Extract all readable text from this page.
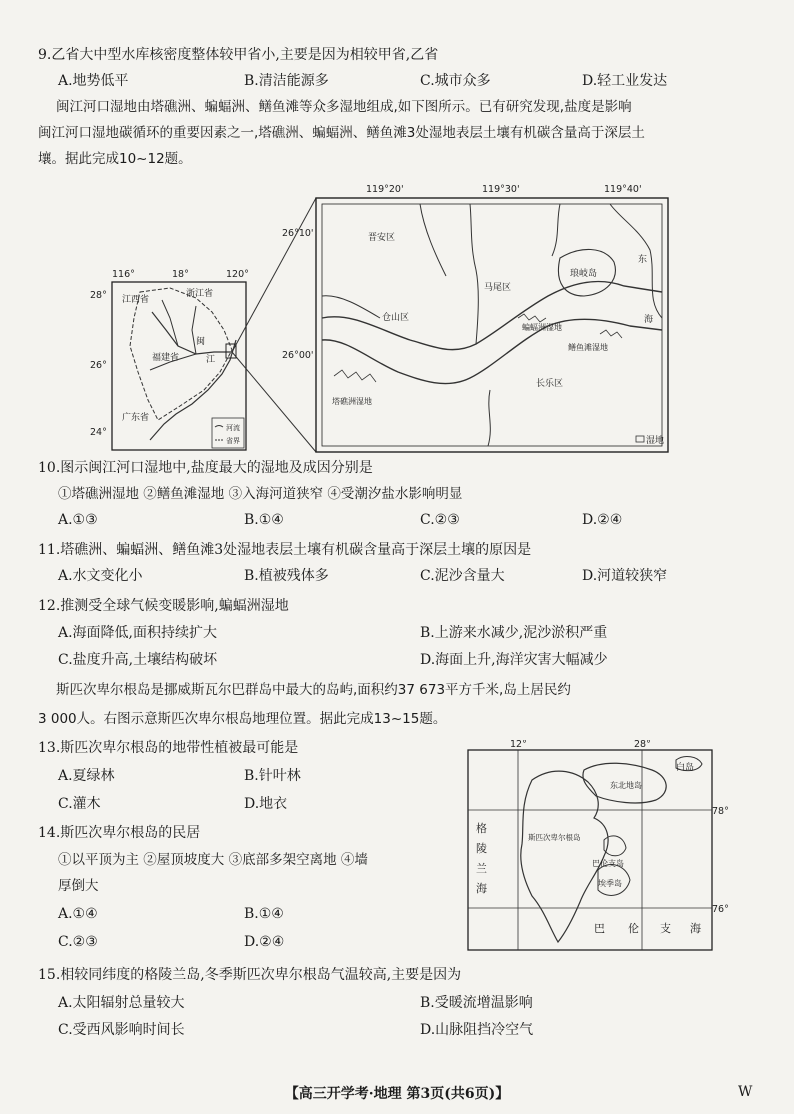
9.乙省大中型水库核密度整体较甲省小,主要是因为相较甲省,乙省
A.地势低平	B.清洁能源多	C.城市众多	D.轻工业发达
闽江河口湿地由塔礁洲、蝙蝠洲、鳝鱼滩等众多湿地组成,如下图所示。已有研究发现,盐度是影响
闽江河口湿地碳循环的重要因素之一,塔礁洲、蝙蝠洲、鳝鱼滩3处湿地表层土壤有机碳含量高于深层土
壤。据此完成10~12题。
116°	18°	120°
28°
26°
24°
江西省
浙江省
福建省
闽
江
广东省
河流
省界
119°20'	119°30'	119°40'
26°10'
26°00'
晋安区
马尾区
琅岐岛
仓山区
蝙蝠洲湿地
鳝鱼滩湿地
长乐区
塔礁洲湿地
东
海
湿地
10.图示闽江河口湿地中,盐度最大的湿地及成因分别是
①塔礁洲湿地 ②鳝鱼滩湿地 ③入海河道狭窄 ④受潮汐盐水影响明显
A.①③	B.①④	C.②③	D.②④
11.塔礁洲、蝙蝠洲、鳝鱼滩3处湿地表层土壤有机碳含量高于深层土壤的原因是
A.水文变化小	B.植被残体多	C.泥沙含量大	D.河道较狭窄
12.推测受全球气候变暖影响,蝙蝠洲湿地
A.海面降低,面积持续扩大	B.上游来水减少,泥沙淤积严重
C.盐度升高,土壤结构破坏	D.海面上升,海洋灾害大幅减少
斯匹次卑尔根岛是挪威斯瓦尔巴群岛中最大的岛屿,面积约37 673平方千米,岛上居民约
3 000人。右图示意斯匹次卑尔根岛地理位置。据此完成13~15题。
13.斯匹次卑尔根岛的地带性植被最可能是
A.夏绿林	B.针叶林
C.灌木	D.地衣
14.斯匹次卑尔根岛的民居
①以平顶为主 ②屋顶坡度大 ③底部多架空离地 ④墙
厚倒大
A.①④	B.①④
C.②③	D.②④
12°	28°
78°
76°
白岛
东北地岛
格
陵
兰
海
斯匹次卑尔根岛
巴伦支岛
埃季岛
巴 伦 支 海
15.相较同纬度的格陵兰岛,冬季斯匹次卑尔根岛气温较高,主要是因为
A.太阳辐射总量较大	B.受暖流增温影响
C.受西风影响时间长	D.山脉阻挡冷空气
【高三开学考·地理 第3页(共6页)】	W
